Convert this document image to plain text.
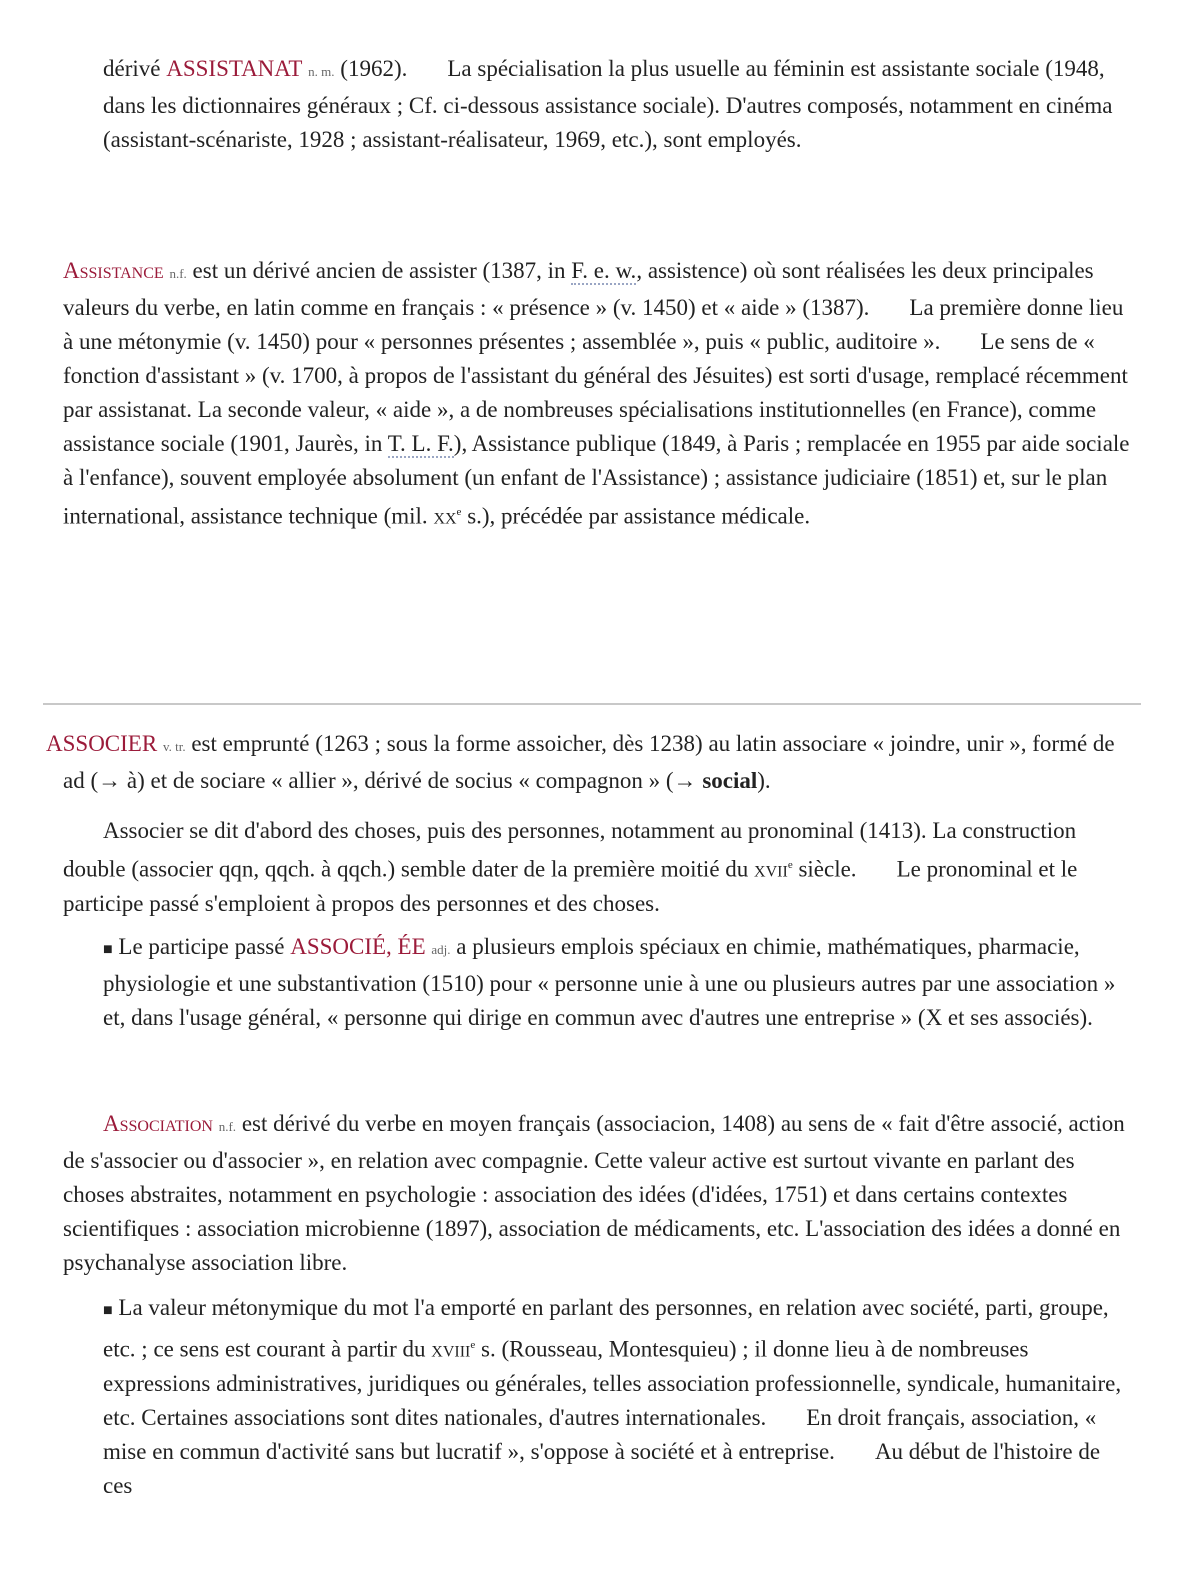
dérivé ASSISTANAT n. m. (1962). La spécialisation la plus usuelle au féminin est assistante sociale (1948, dans les dictionnaires généraux ; Cf. ci-dessous assistance sociale). D'autres composés, notamment en cinéma (assistant-scénariste, 1928 ; assistant-réalisateur, 1969, etc.), sont employés.

Assistance n.f. est un dérivé ancien de assister (1387, in F. e. w., assistence) où sont réalisées les deux principales valeurs du verbe, en latin comme en français : « présence » (v. 1450) et « aide » (1387). La première donne lieu à une métonymie (v. 1450) pour « personnes présentes ; assemblée », puis « public, auditoire ». Le sens de « fonction d'assistant » (v. 1700, à propos de l'assistant du général des Jésuites) est sorti d'usage, remplacé récemment par assistanat. La seconde valeur, « aide », a de nombreuses spécialisations institutionnelles (en France), comme assistance sociale (1901, Jaurès, in T. L. F.), Assistance publique (1849, à Paris ; remplacée en 1955 par aide sociale à l'enfance), souvent employée absolument (un enfant de l'Assistance) ; assistance judiciaire (1851) et, sur le plan international, assistance technique (mil. $xx^e$ s.), précédée par assistance médicale.

ASSOCIER v. tr. est emprunté (1263 ; sous la forme assoicher, dès 1238) au latin associare « joindre, unir », formé de ad (→ à) et de sociare « allier », dérivé de socius « compagnon » (→ social).

Associer se dit d'abord des choses, puis des personnes, notamment au pronominal (1413). La construction double (associer qqn, qqch. à qqch.) semble dater de la première moitié du xvii$^e$ siècle. Le pronominal et le participe passé s'emploient à propos des personnes et des choses.

■ Le participe passé ASSOCIÉ, ÉE adj. a plusieurs emplois spéciaux en chimie, mathématiques, pharmacie, physiologie et une substantivation (1510) pour « personne unie à une ou plusieurs autres par une association » et, dans l'usage général, « personne qui dirige en commun avec d'autres une entreprise » (X et ses associés).

Association n.f. est dérivé du verbe en moyen français (associacion, 1408) au sens de « fait d'être associé, action de s'associer ou d'associer », en relation avec compagnie. Cette valeur active est surtout vivante en parlant des choses abstraites, notamment en psychologie : association des idées (d'idées, 1751) et dans certains contextes scientifiques : association microbienne (1897), association de médicaments, etc. L'association des idées a donné en psychanalyse association libre.

■ La valeur métonymique du mot l'a emporté en parlant des personnes, en relation avec société, parti, groupe, etc. ; ce sens est courant à partir du xviii$^e$ s. (Rousseau, Montesquieu) ; il donne lieu à de nombreuses expressions administratives, juridiques ou générales, telles association professionnelle, syndicale, humanitaire, etc. Certaines associations sont dites nationales, d'autres internationales. En droit français, association, « mise en commun d'activité sans but lucratif », s'oppose à société et à entreprise. Au début de l'histoire de ces
